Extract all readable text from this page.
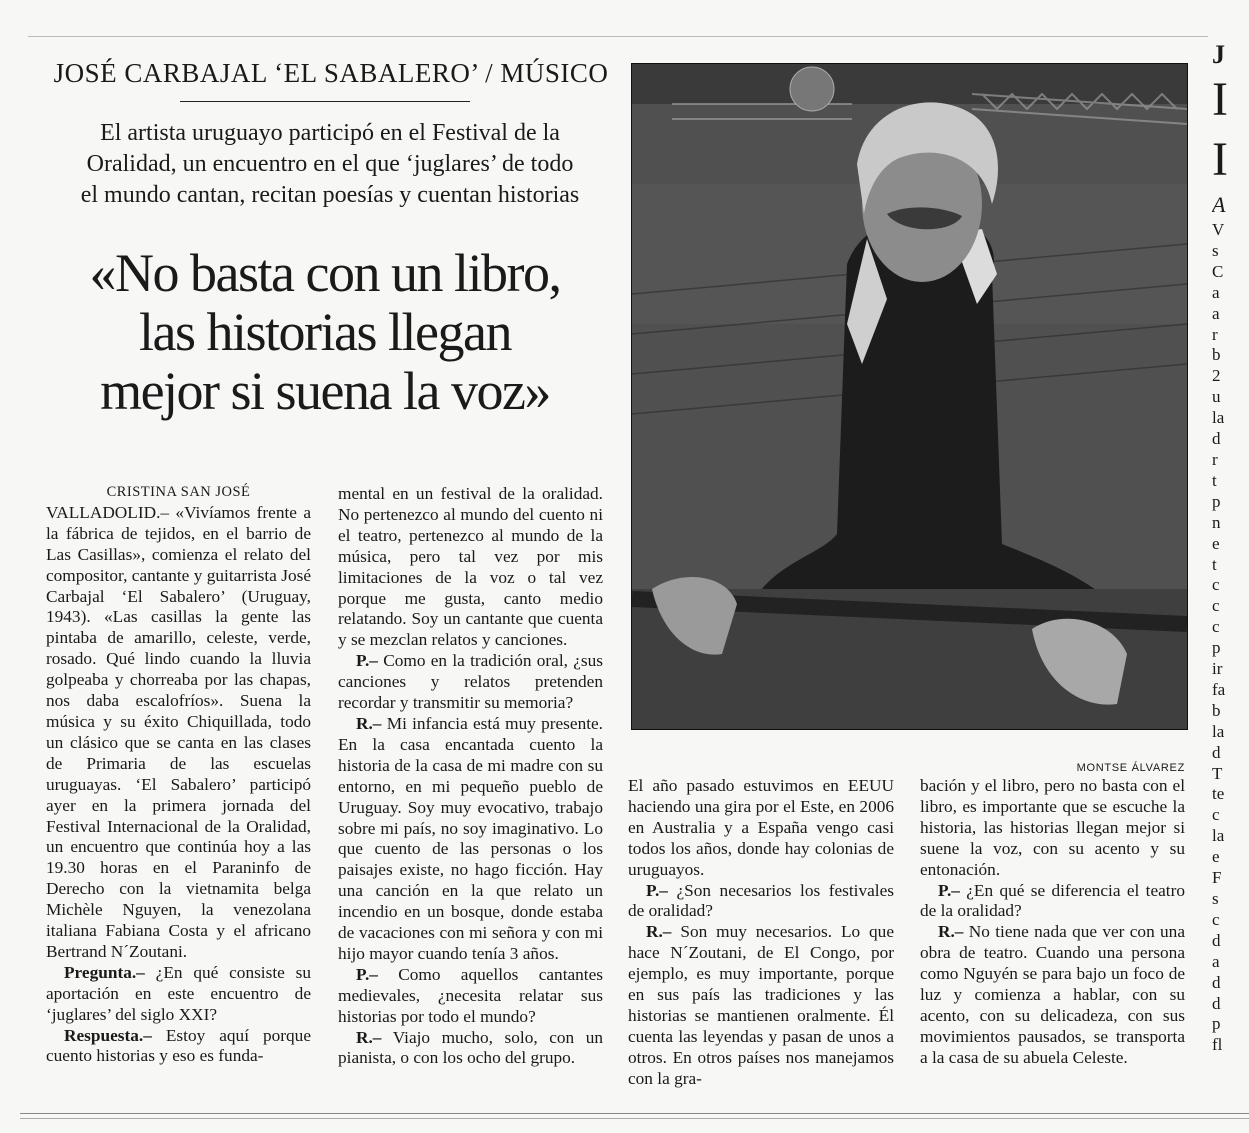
JOSÉ CARBAJAL ‘EL SABALERO’ / MÚSICO
El artista uruguayo participó en el Festival de la
Oralidad, un encuentro en el que ‘juglares’ de todo
el mundo cantan, recitan poesías y cuentan historias
«No basta con un libro,
las historias llegan
mejor si suena la voz»

CRISTINA SAN JOSÉ

VALLADOLID.– «Vivíamos frente a la fábrica de tejidos, en el barrio de Las Casillas», comienza el relato del compositor, cantante y guitarrista José Carbajal ‘El Sabalero’ (Uruguay, 1943). «Las casillas la gente las pintaba de amarillo, celeste, verde, rosado. Qué lindo cuando la lluvia golpeaba y chorreaba por las chapas, nos daba escalofríos». Suena la música y su éxito Chiquillada, todo un clásico que se canta en las clases de Primaria de las escuelas uruguayas. ‘El Sabalero’ participó ayer en la primera jornada del Festival Internacional de la Oralidad, un encuentro que continúa hoy a las 19.30 horas en el Paraninfo de Derecho con la vietnamita belga Michèle Nguyen, la venezolana italiana Fabiana Costa y el africano Bertrand N´Zoutani.

Pregunta.– ¿En qué consiste su aportación en este encuentro de ‘juglares’ del siglo XXI?

Respuesta.– Estoy aquí porque cuento historias y eso es funda-

mental en un festival de la oralidad. No pertenezco al mundo del cuento ni el teatro, pertenezco al mundo de la música, pero tal vez por mis limitaciones de la voz o tal vez porque me gusta, canto medio relatando. Soy un cantante que cuenta y se mezclan relatos y canciones.

P.– Como en la tradición oral, ¿sus canciones y relatos pretenden recordar y transmitir su memoria?

R.– Mi infancia está muy presente. En la casa encantada cuento la historia de la casa de mi madre con su entorno, en mi pequeño pueblo de Uruguay. Soy muy evocativo, trabajo sobre mi país, no soy imaginativo. Lo que cuento de las personas o los paisajes existe, no hago ficción. Hay una canción en la que relato un incendio en un bosque, donde estaba de vacaciones con mi señora y con mi hijo mayor cuando tenía 3 años.

P.– Como aquellos cantantes medievales, ¿necesita relatar sus historias por todo el mundo?

R.– Viajo mucho, solo, con un pianista, o con los ocho del grupo.

MONTSE ÁLVAREZ

El año pasado estuvimos en EEUU haciendo una gira por el Este, en 2006 en Australia y a España vengo casi todos los años, donde hay colonias de uruguayos.

P.– ¿Son necesarios los festivales de oralidad?

R.– Son muy necesarios. Lo que hace N´Zoutani, de El Congo, por ejemplo, es muy importante, porque en sus país las tradiciones y las historias se mantienen oralmente. Él cuenta las leyendas y pasan de unos a otros. En otros países nos manejamos con la gra-

bación y el libro, pero no basta con el libro, es importante que se escuche la historia, las historias llegan mejor si suene la voz, con su acento y su entonación.

P.– ¿En qué se diferencia el teatro de la oralidad?

R.– No tiene nada que ver con una obra de teatro. Cuando una persona como Nguyén se para bajo un foco de luz y comienza a hablar, con su acento, con su delicadeza, con sus movimientos pausados, se transporta a la casa de su abuela Celeste.

J
I
I
A
V
s
C
a
a
r
b
2
u
la
d
r
t
p
n
e
t
c
c
c
p
ir
fa
b
la
d
T
te
c
la
e
F
s
c
d
a
d
d
p
fl
